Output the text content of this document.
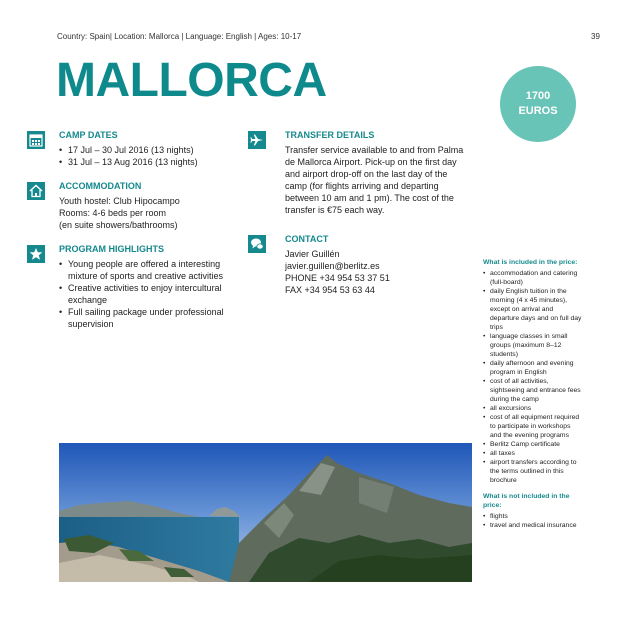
Country: Spain| Location: Mallorca | Language: English | Ages: 10-17	39
MALLORCA	1700
EUROS
CAMP DATES
• 17 Jul – 30 Jul 2016 (13 nights)
• 31 Jul – 13 Aug 2016 (13 nights)
ACCOMMODATION
Youth hostel: Club Hipocampo
Rooms: 4-6 beds per room
(en suite showers/bathrooms)
PROGRAM HIGHLIGHTS
• Young people are offered a interesting mixture of sports and creative activities
• Creative activities to enjoy intercultural exchange
• Full sailing package under professional supervision
TRANSFER DETAILS
Transfer service available to and from Palma de Mallorca Airport. Pick-up on the first day and airport drop-off on the last day of the camp (for flights arriving and departing between 10 am and 1 pm). The cost of the transfer is €75 each way.
CONTACT
Javier Guillén
javier.guillen@berlitz.es
PHONE +34 954 53 37 51
FAX +34 954 53 63 44
What is included in the price:
• accommodation and catering (full-board)
• daily English tuition in the morning (4 x 45 minutes), except on arrival and departure days and on full day trips
• language classes in small groups (maximum 8–12 students)
• daily afternoon and evening program in English
• cost of all activities, sightseeing and entrance fees during the camp
• all excursions
• cost of all equipment required to participate in workshops and the evening programs
• Berlitz Camp certificate
• all taxes
• airport transfers according to the terms outlined in this brochure
What is not included in the price:
• flights
• travel and medical insurance
